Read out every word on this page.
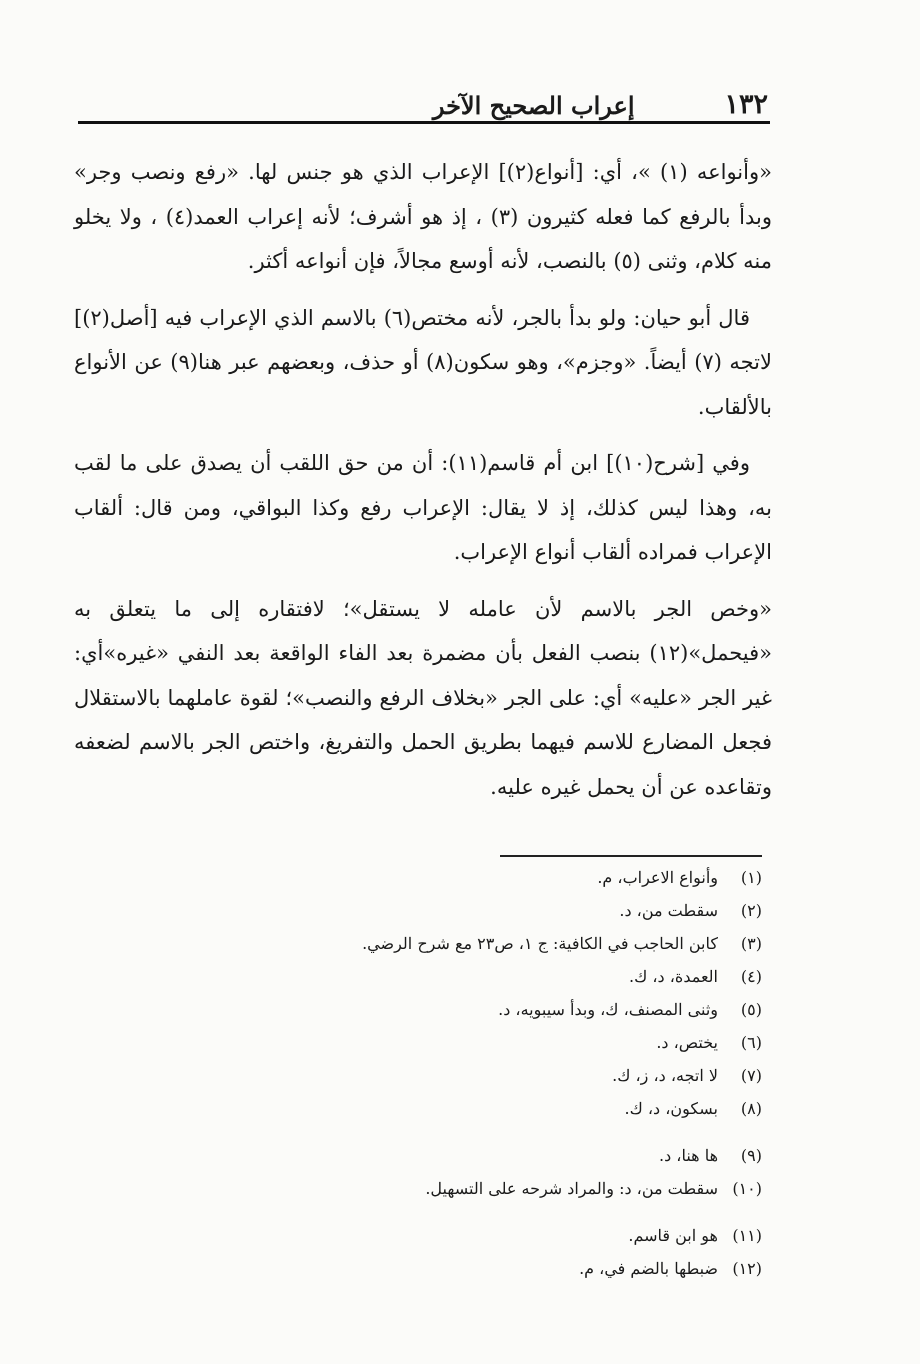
١٣٢
إعراب الصحيح الآخر

«وأنواعه (١) »، أي: [أنواع(٢)] الإعراب الذي هو جنس لها. «رفع ونصب وجر» وبدأ بالرفع كما فعله كثيرون (٣) ، إذ هو أشرف؛ لأنه إعراب العمد(٤) ، ولا يخلو منه كلام، وثنى (٥) بالنصب، لأنه أوسع مجالاً، فإن أنواعه أكثر.

قال أبو حيان: ولو بدأ بالجر، لأنه مختص(٦) بالاسم الذي الإعراب فيه [أصل(٢)] لاتجه (٧) أيضاً. «وجزم»، وهو سكون(٨) أو حذف، وبعضهم عبر هنا(٩) عن الأنواع بالألقاب.

وفي [شرح(١٠)] ابن أم قاسم(١١): أن من حق اللقب أن يصدق على ما لقب به، وهذا ليس كذلك، إذ لا يقال: الإعراب رفع وكذا البواقي، ومن قال: ألقاب الإعراب فمراده ألقاب أنواع الإعراب.

«وخص الجر بالاسم لأن عامله لا يستقل»؛ لافتقاره إلى ما يتعلق به «فيحمل»(١٢) بنصب الفعل بأن مضمرة بعد الفاء الواقعة بعد النفي «غيره»أي: غير الجر «عليه» أي: على الجر «بخلاف الرفع والنصب»؛ لقوة عاملهما بالاستقلال فجعل المضارع للاسم فيهما بطريق الحمل والتفريغ، واختص الجر بالاسم لضعفه وتقاعده عن أن يحمل غيره عليه.

(١)
وأنواع الاعراب، م.
(٢)
سقطت من، د.
(٣)
كابن الحاجب في الكافية: ج ١، ص٢٣ مع شرح الرضي.
(٤)
العمدة، د، ك.
(٥)
وثنى المصنف، ك، وبدأ سيبويه، د.
(٦)
يختص، د.
(٧)
لا اتجه، د، ز، ك.
(٨)
بسكون، د، ك.
(٩)
ها هنا، د.
(١٠)
سقطت من، د: والمراد شرحه على التسهيل.
(١١)
هو ابن قاسم.
(١٢)
ضبطها بالضم في، م.
